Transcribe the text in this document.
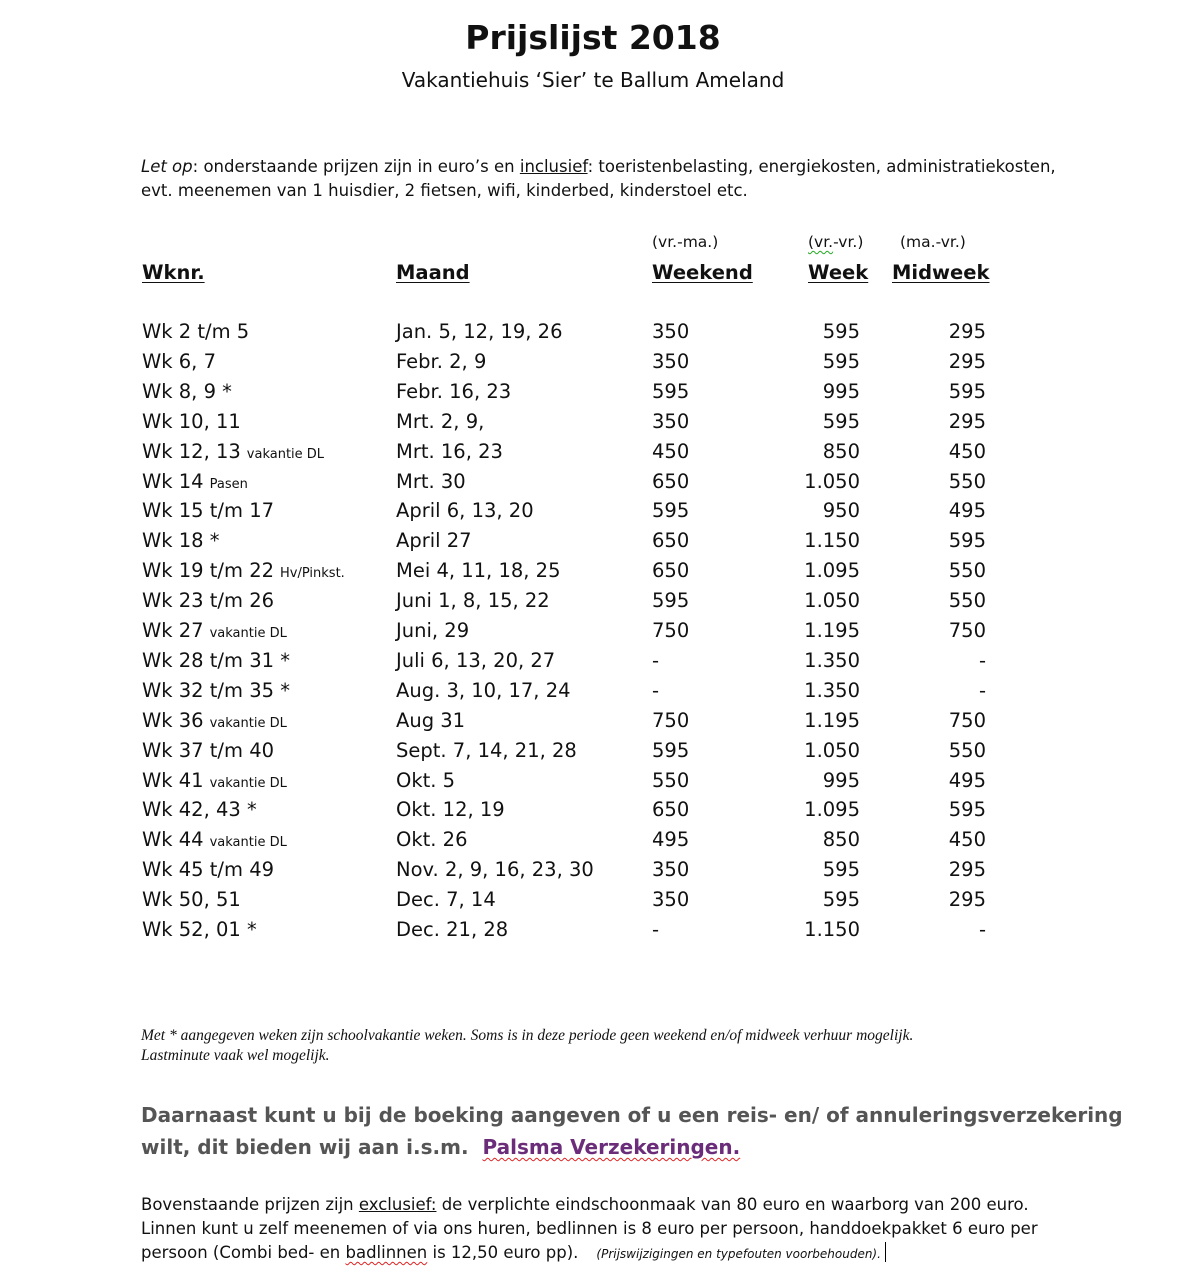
Prijslijst 2018
Vakantiehuis ‘Sier’ te Ballum Ameland
Let op: onderstaande prijzen zijn in euro’s en inclusief: toeristenbelasting, energiekosten, administratiekosten,
evt. meenemen van 1 huisdier, 2 fietsen, wifi, kinderbed, kinderstoel etc.
(vr.-ma.)	(vr.-vr.) (ma.-vr.)
Wknr.	Maand	Weekend	Week Midweek
Wk 2 t/m 5	Jan. 5, 12, 19, 26	350	595	295
Wk 6, 7	Febr. 2, 9	350	595	295
Wk 8, 9 *	Febr. 16, 23	595	995	595
Wk 10, 11	Mrt. 2, 9,	350	595	295
Wk 12, 13 vakantie DL	Mrt. 16, 23	450	850	450
Wk 14 Pasen	Mrt. 30	650	1.050	550
Wk 15 t/m 17	April 6, 13, 20	595	950	495
Wk 18 *	April 27	650	1.150	595
Wk 19 t/m 22 Hv/Pinkst.	Mei 4, 11, 18, 25	650	1.095	550
Wk 23 t/m 26	Juni 1, 8, 15, 22	595	1.050	550
Wk 27 vakantie DL	Juni, 29	750	1.195	750
Wk 28 t/m 31 *	Juli 6, 13, 20, 27	-	1.350	-
Wk 32 t/m 35 *	Aug. 3, 10, 17, 24	-	1.350	-
Wk 36 vakantie DL	Aug 31	750	1.195	750
Wk 37 t/m 40	Sept. 7, 14, 21, 28	595	1.050	550
Wk 41 vakantie DL	Okt. 5	550	995	495
Wk 42, 43 *	Okt. 12, 19	650	1.095	595
Wk 44 vakantie DL	Okt. 26	495	850	450
Wk 45 t/m 49	Nov. 2, 9, 16, 23, 30	350	595	295
Wk 50, 51	Dec. 7, 14	350	595	295
Wk 52, 01 *	Dec. 21, 28	-	1.150	-
Met * aangegeven weken zijn schoolvakantie weken. Soms is in deze periode geen weekend en/of midweek verhuur mogelijk.
Lastminute vaak wel mogelijk.
Daarnaast kunt u bij de boeking aangeven of u een reis- en/ of annuleringsverzekering
wilt, dit bieden wij aan i.s.m. Palsma Verzekeringen.
Bovenstaande prijzen zijn exclusief: de verplichte eindschoonmaak van 80 euro en waarborg van 200 euro.
Linnen kunt u zelf meenemen of via ons huren, bedlinnen is 8 euro per persoon, handdoekpakket 6 euro per
persoon (Combi bed- en badlinnen is 12,50 euro pp). (Prijswijzigingen en typefouten voorbehouden).
